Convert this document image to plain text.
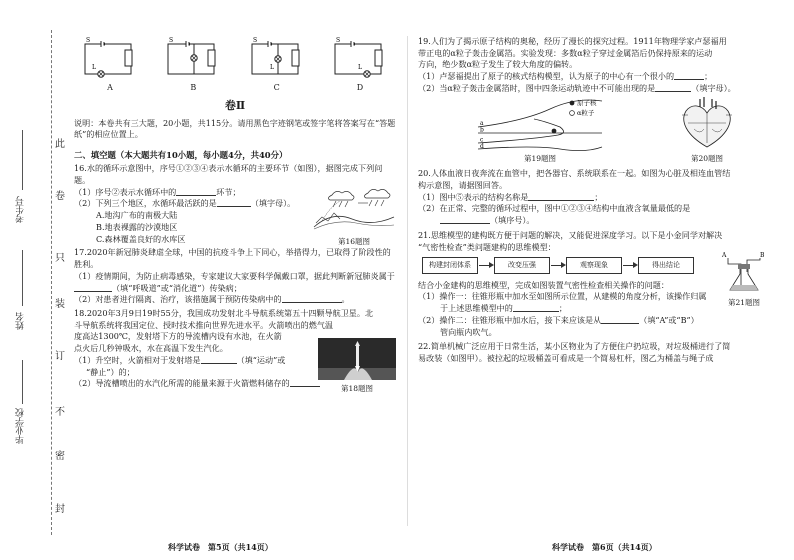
此
卷
只
装
订
不
密
封
考生号
姓名
毕业学校
S
L
A
S
B
S
L
C
S
L
D
卷Ⅱ

说明：本卷共有三大题，20小题，共115分。请用黑色字迹钢笔或签字笔将答案写在“答题纸”的相应位置上。

二、填空题（本大题共有10小题，每小题4分，共40分）

16.水的循环示意图中，序号①②③④表示水循环的主要环节（如图），据图完成下列问题。

（1）序号②表示水循环中的	环节；

（2）下列三个地区，水循环最活跃的是	（填字母）。

A.地沟广布的南极大陆

B.地表裸露的沙漠地区

C.森林覆盖良好的水库区	第16题图

17.2020年新冠肺炎肆虐全球，中国的抗疫斗争上下同心，举措得力，已取得了阶段性的胜利。

（1）疫情期间，为防止病毒感染，专家建议大家要科学佩戴口罩，据此判断新冠肺炎属于（填“呼吸道”或“消化道”）传染病；

（2）对患者进行隔离、治疗，该措施属于预防传染病中的	。

18.2020年3月9日19时55分，我国成功发射北斗导航系统第五十四颗导航卫星。北

斗导航系统将我国定位、授时技术推向世界先进水平。火箭喷出的燃气温

度高达1300℃，发射塔下方的导流槽内设有水池，在火箭

点火后几秒钟吸水，水在高温下发生汽化。

（1）升空时，火箭相对于发射塔是	（填“运动”或

“静止”）的；

（2）导流槽喷出的水汽化所需的能量来源于火箭燃料储存的	第18题图
科学试卷　第5页（共14页）

19.人们为了揭示原子结构的奥秘，经历了漫长的探究过程。1911年物理学家卢瑟福用

带正电的α粒子轰击金属箔。实验发现：多数α粒子穿过金属箔后仍保持原来的运动

方向，绝少数α粒子发生了较大角度的偏转。

（1）卢瑟福提出了原子的核式结构模型，认为原子的中心有一个很小的	；

（2）当α粒子轰击金属箔时，图中四条运动轨迹中不可能出现的是	（填字母）。

a
b
c
d
原子核
α粒子
第19题图	第20题图

20.人体血液日夜奔流在血管中，把各器官、系统联系在一起。如图为心脏及相连血管结

构示意图，请据图回答。

（1）图中⑤表示的结构名称是	；

（2）在正常、完整的循环过程中，图中①②③④结构中血液含氧量最低的是

（填序号）。

21.思维模型的建构既方便于问题的解决，又能促进深度学习。以下是小金同学对解决

“气密性检查”类问题建构的思维模型：

构建封闭体系	改变压强	观察现象	得出结论
A	B
第21题图

结合小金建构的思维模型，完成如图装置气密性检查相关操作的问题：

（1）操作一：往锥形瓶中加水至如图所示位置，从建模的角度分析，该操作归属

于上述思维模型中的	；

（2）操作二：往锥形瓶中加水后，接下来应该是从	（填“A”或“B”）

管向瓶内吹气。

22.简单机械广泛应用于日常生活，某小区物业为了方便住户扔垃圾，对垃圾桶进行了简

易改装（如图甲）。被拉起的垃圾桶盖可看成是一个简易杠杆，图乙为桶盖与绳子成

科学试卷　第6页（共14页）
